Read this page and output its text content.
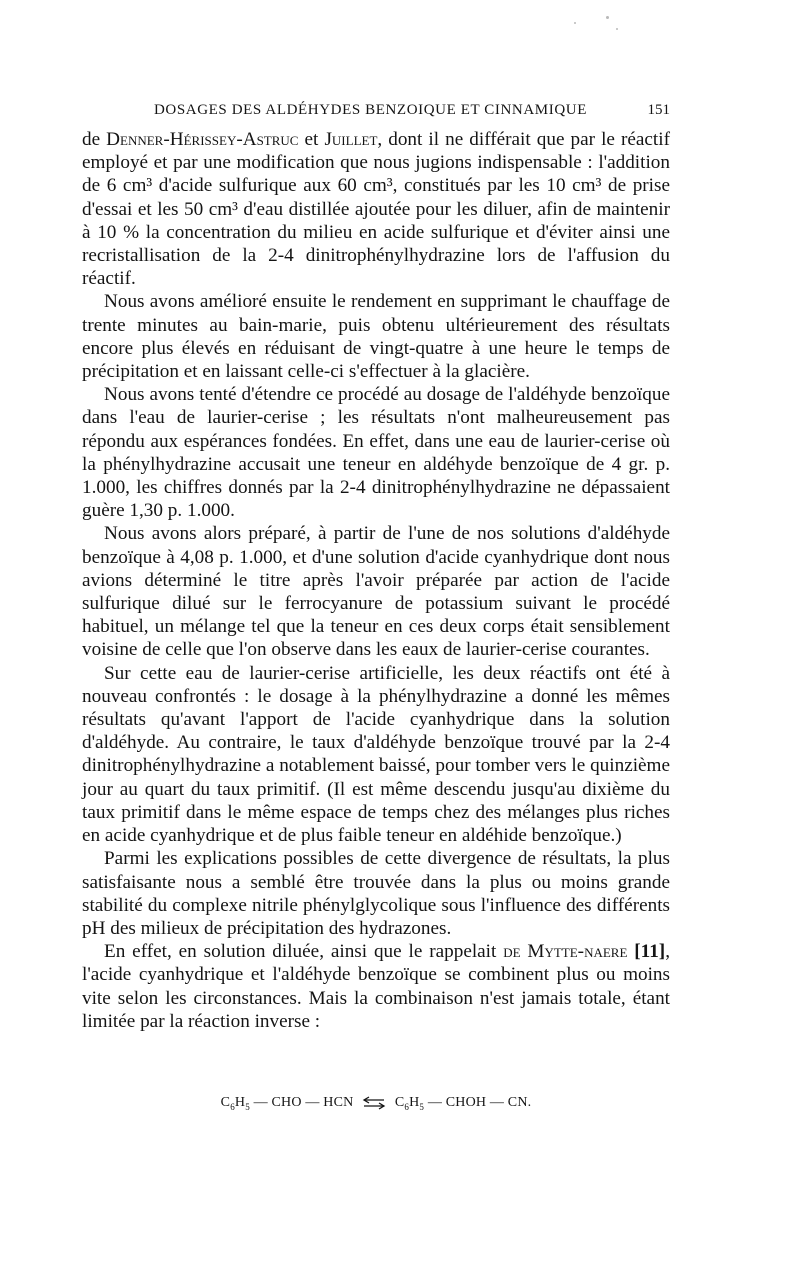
DOSAGES DES ALDÉHYDES BENZOIQUE ET CINNAMIQUE	151

de Denner-Hérissey-Astruc et Juillet, dont il ne différait que par le réactif employé et par une modification que nous jugions indispensable : l'addition de 6 cm³ d'acide sulfurique aux 60 cm³, constitués par les 10 cm³ de prise d'essai et les 50 cm³ d'eau distillée ajoutée pour les diluer, afin de maintenir à 10 % la concentration du milieu en acide sulfurique et d'éviter ainsi une recristallisation de la 2-4 dinitrophénylhydrazine lors de l'affusion du réactif.

Nous avons amélioré ensuite le rendement en supprimant le chauffage de trente minutes au bain-marie, puis obtenu ultérieurement des résultats encore plus élevés en réduisant de vingt-quatre à une heure le temps de précipitation et en laissant celle-ci s'effectuer à la glacière.

Nous avons tenté d'étendre ce procédé au dosage de l'aldéhyde benzoïque dans l'eau de laurier-cerise ; les résultats n'ont malheureusement pas répondu aux espérances fondées. En effet, dans une eau de laurier-cerise où la phénylhydrazine accusait une teneur en aldéhyde benzoïque de 4 gr. p. 1.000, les chiffres donnés par la 2-4 dinitrophénylhydrazine ne dépassaient guère 1,30 p. 1.000.

Nous avons alors préparé, à partir de l'une de nos solutions d'aldéhyde benzoïque à 4,08 p. 1.000, et d'une solution d'acide cyanhydrique dont nous avions déterminé le titre après l'avoir préparée par action de l'acide sulfurique dilué sur le ferrocyanure de potassium suivant le procédé habituel, un mélange tel que la teneur en ces deux corps était sensiblement voisine de celle que l'on observe dans les eaux de laurier-cerise courantes.

Sur cette eau de laurier-cerise artificielle, les deux réactifs ont été à nouveau confrontés : le dosage à la phénylhydrazine a donné les mêmes résultats qu'avant l'apport de l'acide cyanhydrique dans la solution d'aldéhyde. Au contraire, le taux d'aldéhyde benzoïque trouvé par la 2-4 dinitrophénylhydrazine a notablement baissé, pour tomber vers le quinzième jour au quart du taux primitif. (Il est même descendu jusqu'au dixième du taux primitif dans le même espace de temps chez des mélanges plus riches en acide cyanhydrique et de plus faible teneur en aldéhide benzoïque.)

Parmi les explications possibles de cette divergence de résultats, la plus satisfaisante nous a semblé être trouvée dans la plus ou moins grande stabilité du complexe nitrile phénylglycolique sous l'influence des différents pH des milieux de précipitation des hydrazones.

En effet, en solution diluée, ainsi que le rappelait de Mytte-naere [11], l'acide cyanhydrique et l'aldéhyde benzoïque se combinent plus ou moins vite selon les circonstances. Mais la combinaison n'est jamais totale, étant limitée par la réaction inverse :

$C_6H_5$ — CHO — HCN ⇌ $C_6H_5$ — CHOH — CN.
